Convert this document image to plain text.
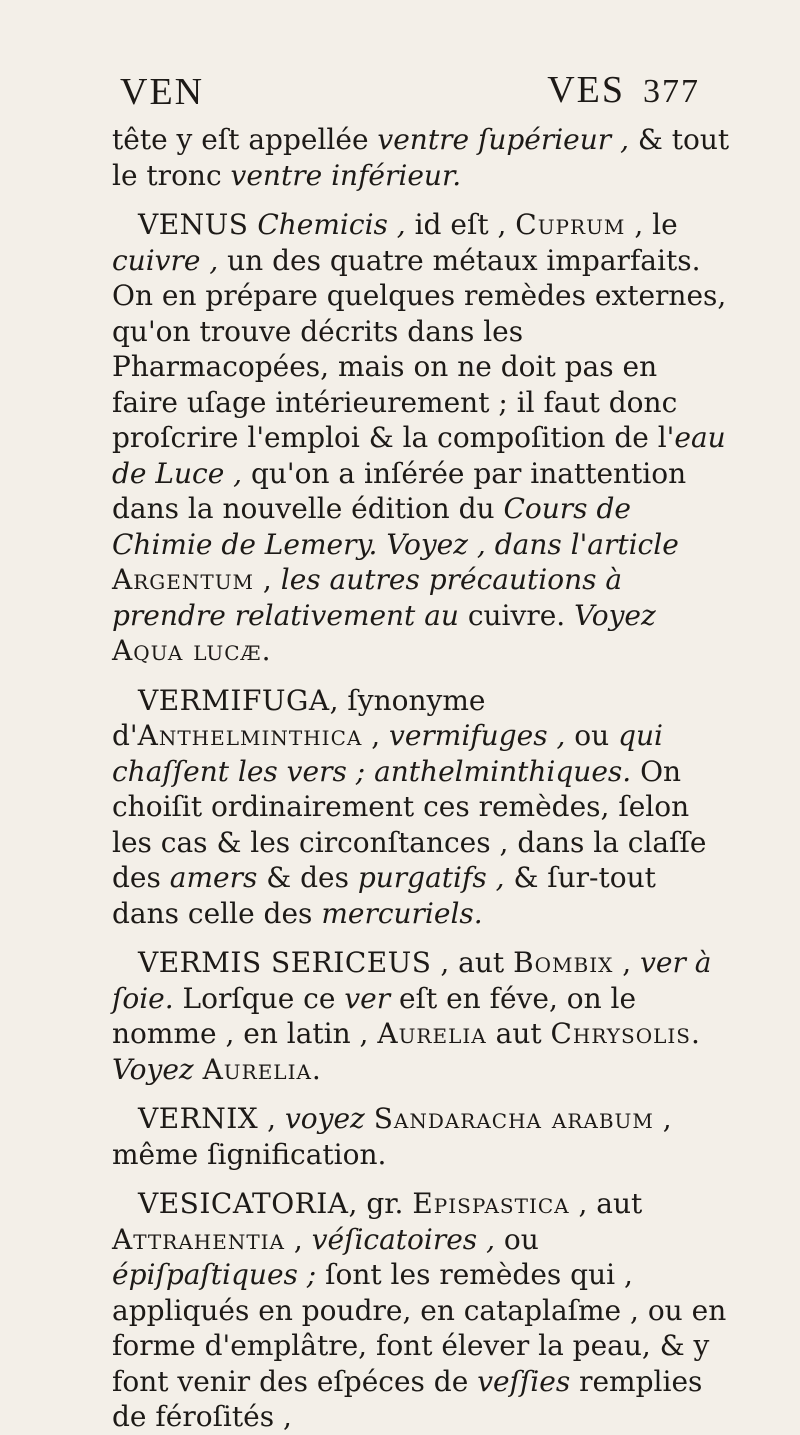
VEN	VES 377

tête y eſt appellée ventre ſupérieur , & tout le tronc ventre inférieur.

VENUS Chemicis , id eſt , Cuprum , le cuivre , un des quatre métaux imparfaits. On en prépare quelques remèdes externes, qu'on trouve décrits dans les Pharmacopées, mais on ne doit pas en faire uſage intérieurement ; il faut donc proſcrire l'emploi & la compoſition de l'eau de Luce , qu'on a inſérée par inattention dans la nouvelle édition du Cours de Chimie de Lemery. Voyez , dans l'article Argentum , les autres précautions à prendre relativement au cuivre. Voyez Aqua lucæ.

VERMIFUGA, ſynonyme d'Anthelminthica , vermifuges , ou qui chaſſent les vers ; anthelminthiques. On choiſit ordinairement ces remèdes, ſelon les cas & les circonſtances , dans la claſſe des amers & des purgatifs , & ſur-tout dans celle des mercuriels.

VERMIS SERICEUS , aut Bombix , ver à ſoie. Lorſque ce ver eſt en féve, on le nomme , en latin , Aurelia aut Chrysolis. Voyez Aurelia.

VERNIX , voyez Sandaracha arabum , même ſignification.

VESICATORIA, gr. Epispastica , aut Attrahentia , véſicatoires , ou épiſpaſtiques ; ſont les remèdes qui , appliqués en poudre, en cataplaſme , ou en forme d'emplâtre, font élever la peau, & y font venir des eſpéces de veſſies remplies de féroſités ,
